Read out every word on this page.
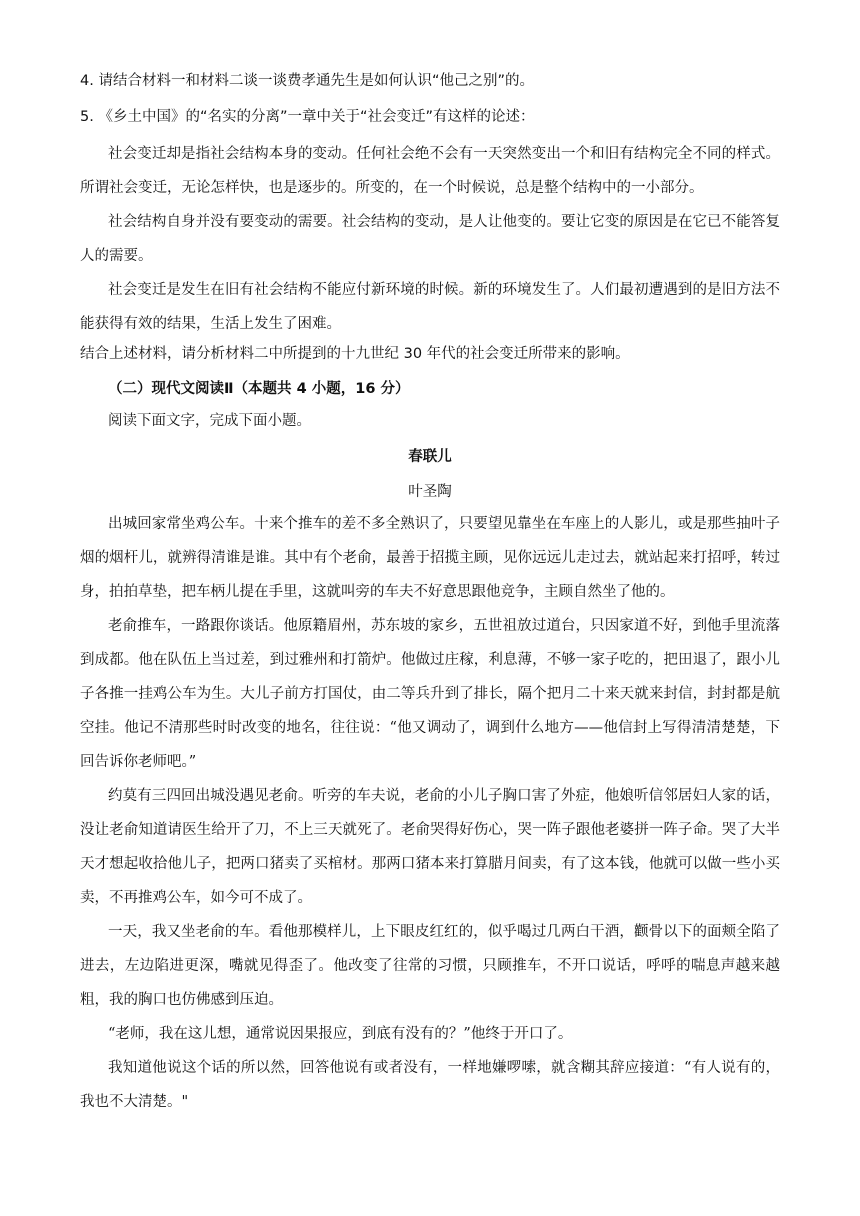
4. 请结合材料一和材料二谈一谈费孝通先生是如何认识“他己之别”的。
5. 《乡土中国》的“名实的分离”一章中关于“社会变迁”有这样的论述：
社会变迁却是指社会结构本身的变动。任何社会绝不会有一天突然变出一个和旧有结构完全不同的样式。所谓社会变迁，无论怎样快，也是逐步的。所变的，在一个时候说，总是整个结构中的一小部分。
社会结构自身并没有要变动的需要。社会结构的变动，是人让他变的。要让它变的原因是在它已不能答复人的需要。
社会变迁是发生在旧有社会结构不能应付新环境的时候。新的环境发生了。人们最初遭遇到的是旧方法不能获得有效的结果，生活上发生了困难。
结合上述材料，请分析材料二中所提到的十九世纪 30 年代的社会变迁所带来的影响。
（二）现代文阅读Ⅱ（本题共 4 小题，16 分）
阅读下面文字，完成下面小题。
春联儿
叶圣陶
出城回家常坐鸡公车。十来个推车的差不多全熟识了，只要望见靠坐在车座上的人影儿，或是那些抽叶子烟的烟杆儿，就辨得清谁是谁。其中有个老俞，最善于招揽主顾，见你远远儿走过去，就站起来打招呼，转过身，拍拍草垫，把车柄儿提在手里，这就叫旁的车夫不好意思跟他竞争，主顾自然坐了他的。
老俞推车，一路跟你谈话。他原籍眉州，苏东坡的家乡，五世祖放过道台，只因家道不好，到他手里流落到成都。他在队伍上当过差，到过雅州和打箭炉。他做过庄稼，利息薄，不够一家子吃的，把田退了，跟小儿子各推一挂鸡公车为生。大儿子前方打国仗，由二等兵升到了排长，隔个把月二十来天就来封信，封封都是航空挂。他记不清那些时时改变的地名，往往说：“他又调动了，调到什么地方——他信封上写得清清楚楚，下回告诉你老师吧。”
约莫有三四回出城没遇见老俞。听旁的车夫说，老俞的小儿子胸口害了外症，他娘听信邻居妇人家的话，没让老俞知道请医生给开了刀，不上三天就死了。老俞哭得好伤心，哭一阵子跟他老婆拼一阵子命。哭了大半天才想起收拾他儿子，把两口猪卖了买棺材。那两口猪本来打算腊月间卖，有了这本钱，他就可以做一些小买卖，不再推鸡公车，如今可不成了。
一天，我又坐老俞的车。看他那模样儿，上下眼皮红红的，似乎喝过几两白干酒，颧骨以下的面颊全陷了进去，左边陷进更深，嘴就见得歪了。他改变了往常的习惯，只顾推车，不开口说话，呼呼的喘息声越来越粗，我的胸口也仿佛感到压迫。
“老师，我在这儿想，通常说因果报应，到底有没有的？”他终于开口了。
我知道他说这个话的所以然，回答他说有或者没有，一样地嫌啰嗦，就含糊其辞应接道：“有人说有的，我也不大清楚。"
